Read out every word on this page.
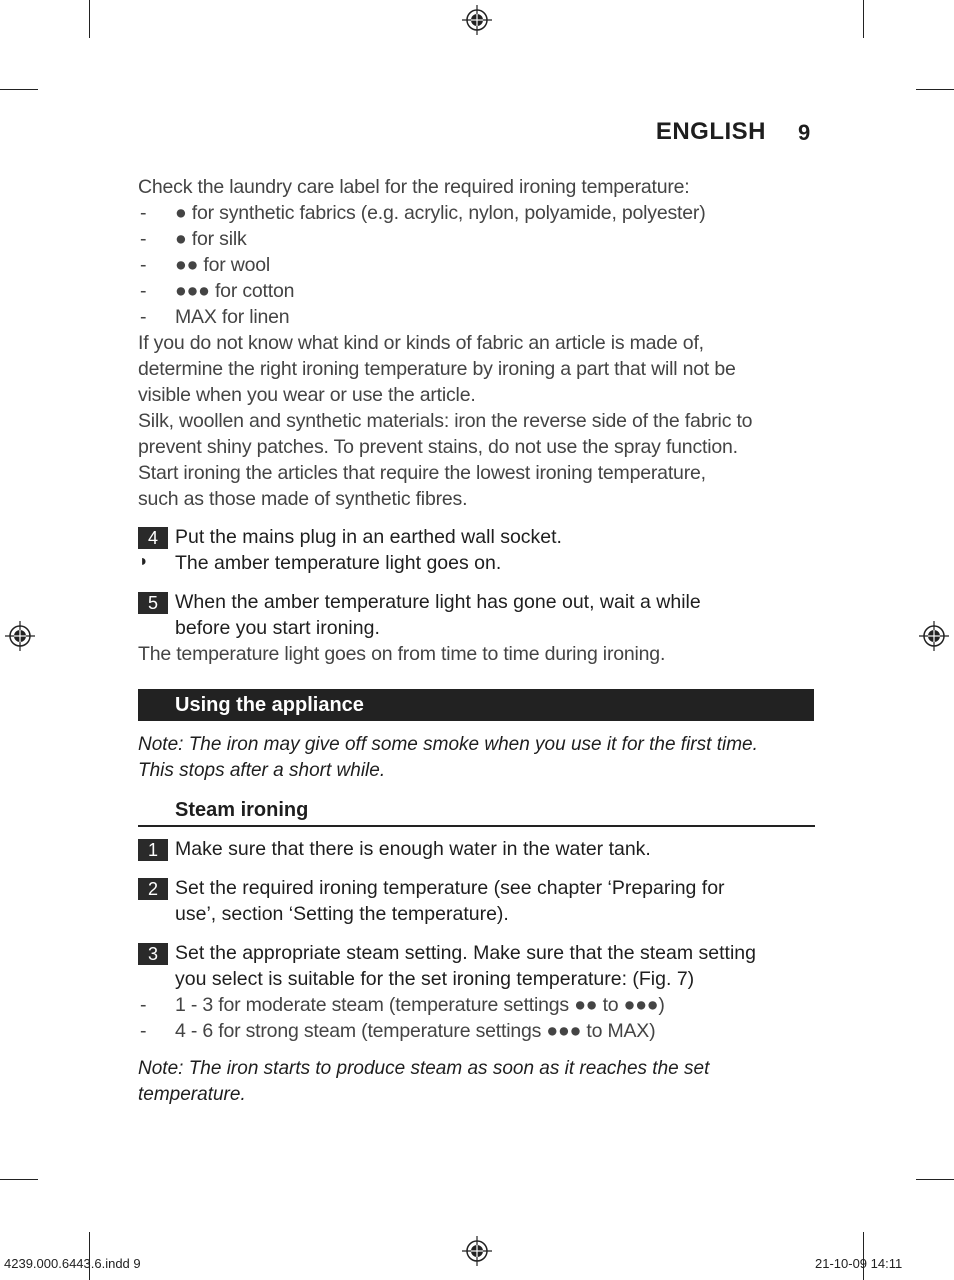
ENGLISH 9
Check the laundry care label for the required ironing temperature:
- ● for synthetic fabrics (e.g. acrylic, nylon, polyamide, polyester)
- ● for silk
- ●● for wool
- ●●● for cotton
- MAX for linen
If you do not know what kind or kinds of fabric an article is made of,
determine the right ironing temperature by ironing a part that will not be
visible when you wear or use the article.
Silk, woollen and synthetic materials: iron the reverse side of the fabric to
prevent shiny patches. To prevent stains, do not use the spray function.
Start ironing the articles that require the lowest ironing temperature,
such as those made of synthetic fibres.
4 Put the mains plug in an earthed wall socket.
◗ The amber temperature light goes on.
5 When the amber temperature light has gone out, wait a while
before you start ironing.
The temperature light goes on from time to time during ironing.
Using the appliance
Note: The iron may give off some smoke when you use it for the first time.
This stops after a short while.
Steam ironing
1 Make sure that there is enough water in the water tank.
2 Set the required ironing temperature (see chapter ‘Preparing for
use’, section ‘Setting the temperature).
3 Set the appropriate steam setting. Make sure that the steam setting
you select is suitable for the set ironing temperature: (Fig. 7)
- 1 - 3 for moderate steam (temperature settings ●● to ●●●)
- 4 - 6 for strong steam (temperature settings ●●● to MAX)
Note: The iron starts to produce steam as soon as it reaches the set
temperature.
4239.000.6443.6.indd 9	21-10-09 14:11
